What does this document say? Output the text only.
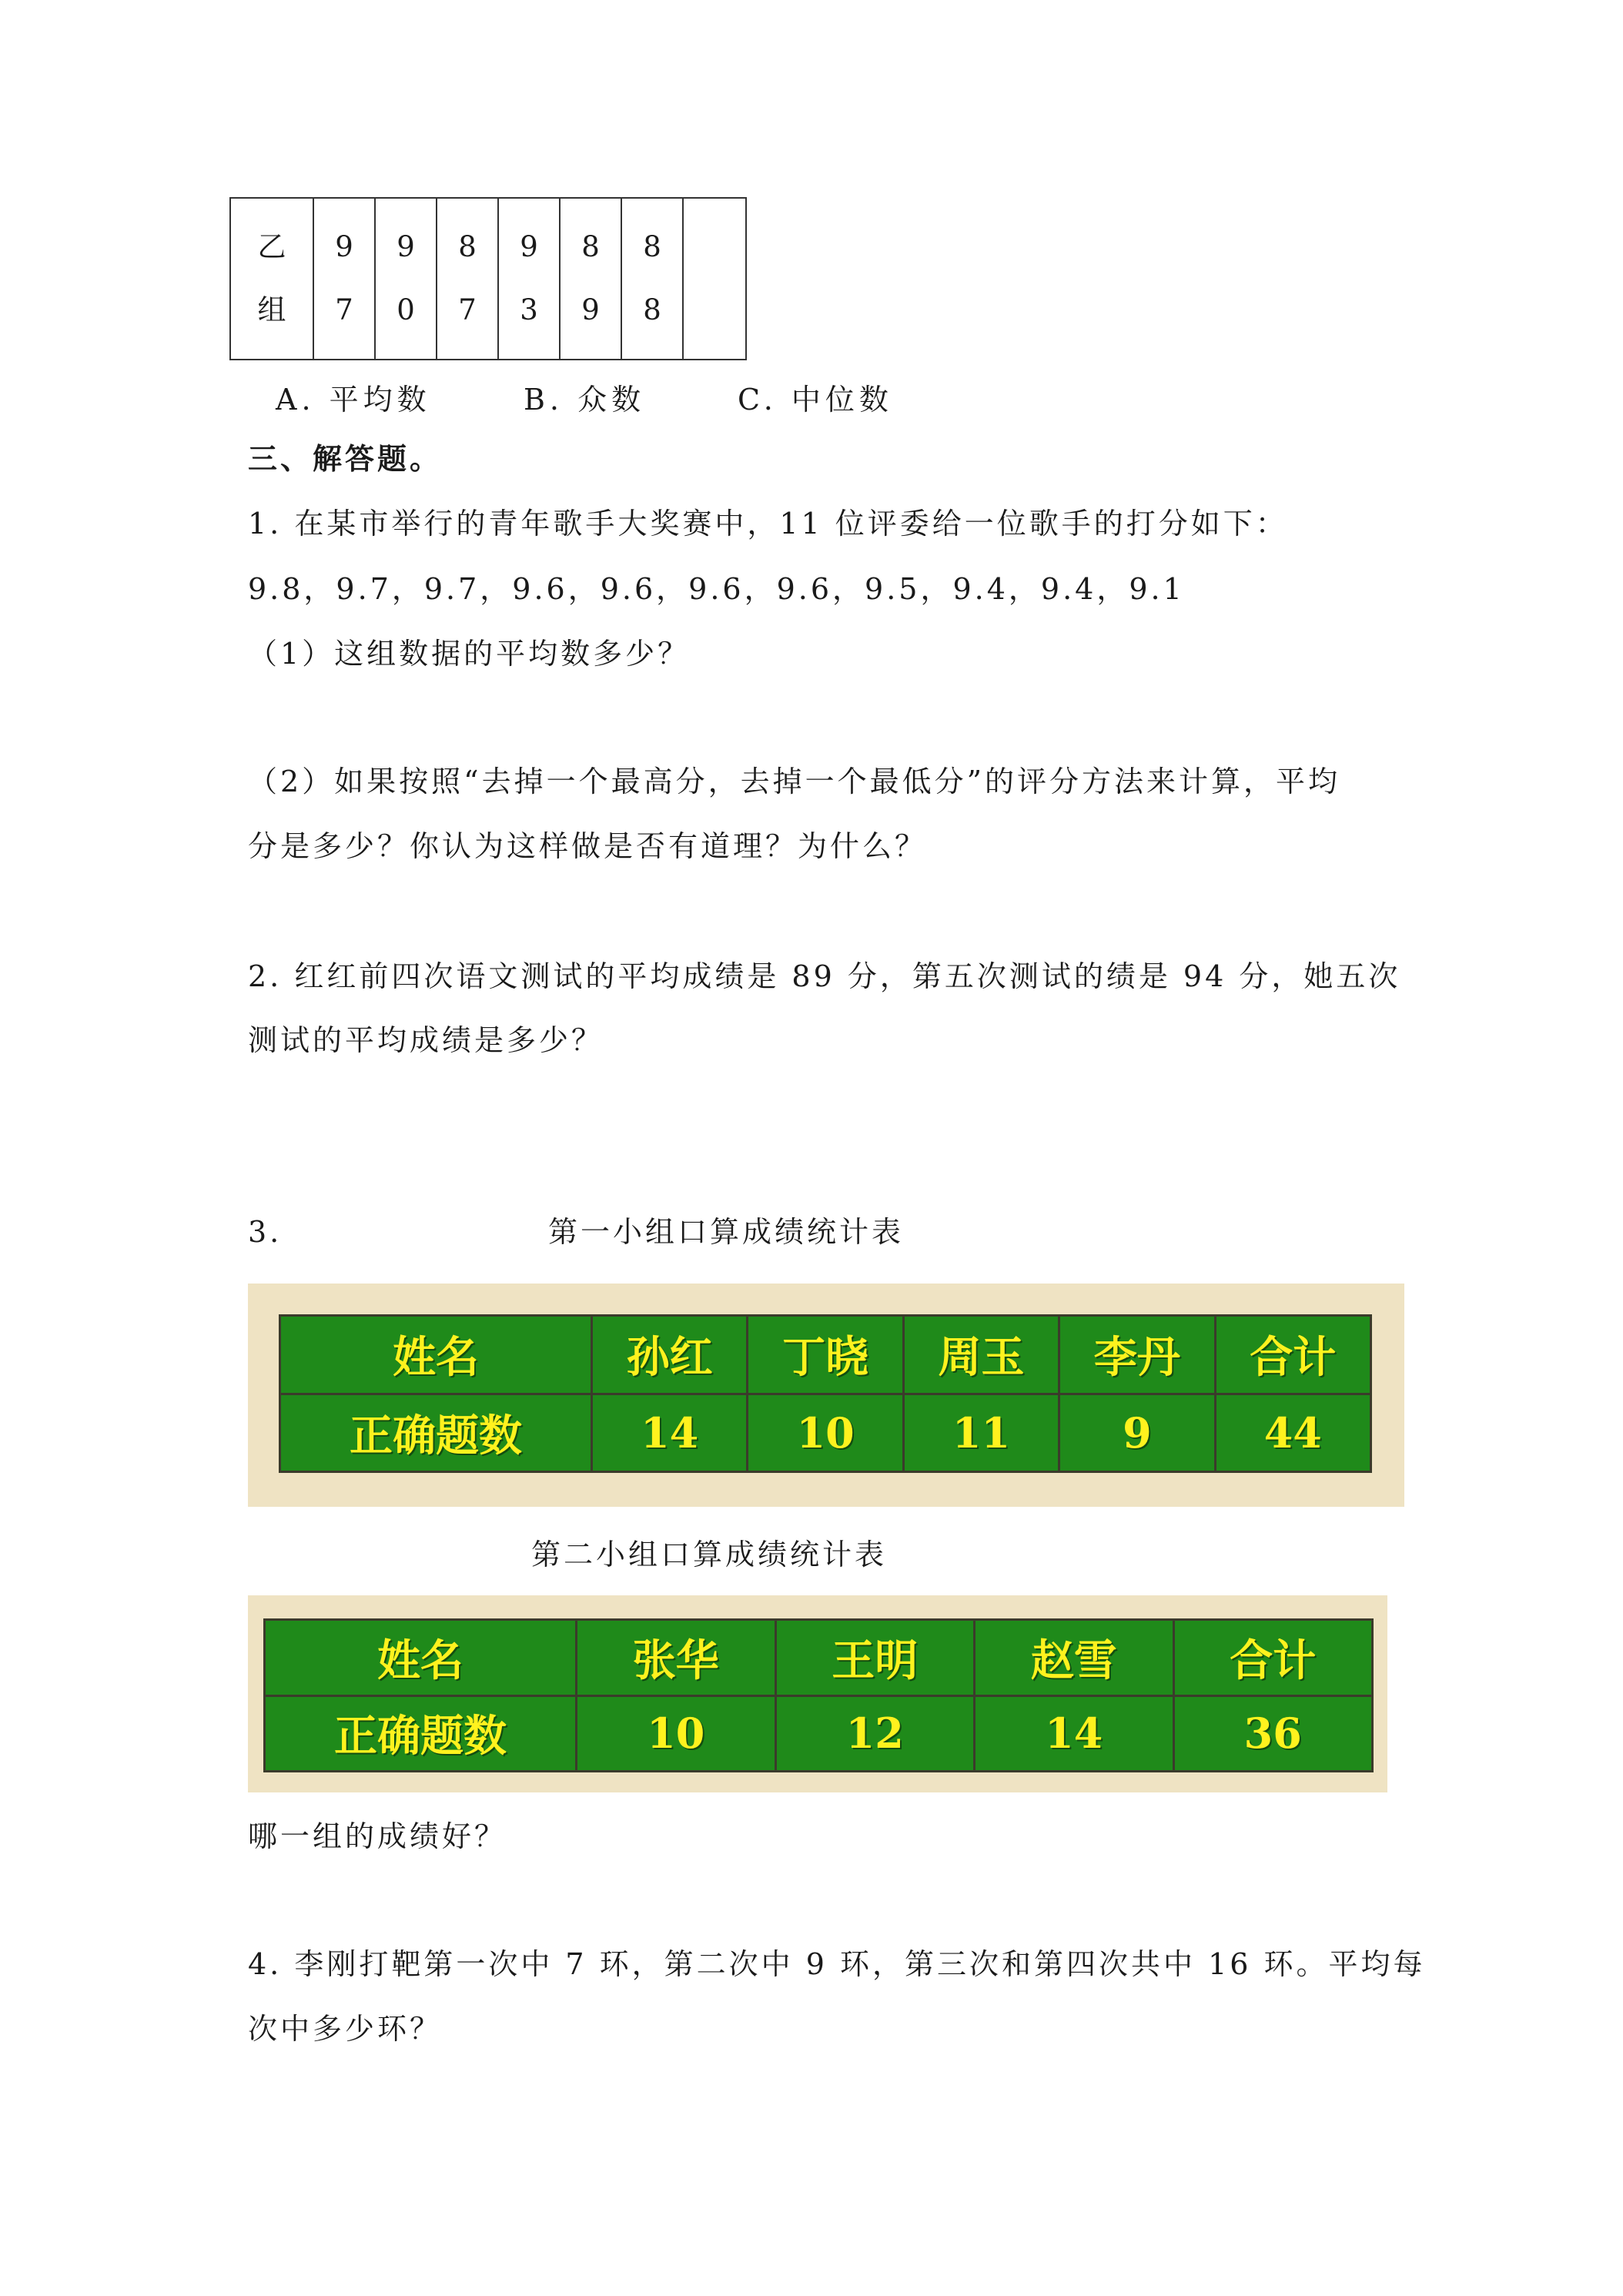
乙
组

9
7

9
0

8
7

9
3

8
9

8
8

A. 平均数	B. 众数	C. 中位数
三、解答题。
1. 在某市举行的青年歌手大奖赛中，11 位评委给一位歌手的打分如下：
9.8，9.7，9.7，9.6，9.6，9.6，9.6，9.5，9.4，9.4，9.1
（1）这组数据的平均数多少？
（2）如果按照“去掉一个最高分，去掉一个最低分”的评分方法来计算，平均
分是多少？你认为这样做是否有道理？为什么？
2. 红红前四次语文测试的平均成绩是 89 分，第五次测试的绩是 94 分，她五次
测试的平均成绩是多少？
3.	第一小组口算成绩统计表
姓名	孙红	丁晓	周玉	李丹	合计
正确题数	14	10	11	9	44
第二小组口算成绩统计表
姓名	张华	王明	赵雪	合计
正确题数	10	12	14	36
哪一组的成绩好？
4. 李刚打靶第一次中 7 环，第二次中 9 环，第三次和第四次共中 16 环。平均每
次中多少环？
